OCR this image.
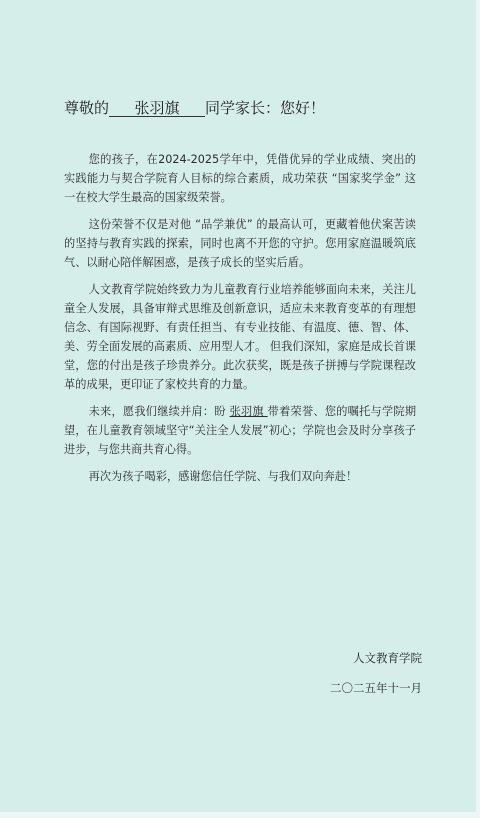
尊敬的 张羽旗 同学家长：您好！

您的孩子，在2024-2025学年中，凭借优异的学业成绩、突出的实践能力与契合学院育人目标的综合素质，成功荣获 “国家奖学金” 这一在校大学生最高的国家级荣誉。

这份荣誉不仅是对他 “品学兼优” 的最高认可，更藏着他伏案苦读的坚持与教育实践的探索，同时也离不开您的守护。您用家庭温暖筑底气、以耐心陪伴解困惑，是孩子成长的坚实后盾。

人文教育学院始终致力为儿童教育行业培养能够面向未来，关注儿童全人发展，具备审辩式思维及创新意识，适应未来教育变革的有理想信念、有国际视野、有责任担当、有专业技能、有温度、德、智、体、美、劳全面发展的高素质、应用型人才。 但我们深知，家庭是成长首课堂，您的付出是孩子珍贵养分。此次获奖，既是孩子拼搏与学院课程改革的成果，更印证了家校共育的力量。

未来，愿我们继续并肩：盼 张羽旗 带着荣誉、您的嘱托与学院期望，在儿童教育领域坚守“关注全人发展”初心；学院也会及时分享孩子进步，与您共商共育心得。

再次为孩子喝彩，感谢您信任学院、与我们双向奔赴！

人文教育学院
二〇二五年十一月
